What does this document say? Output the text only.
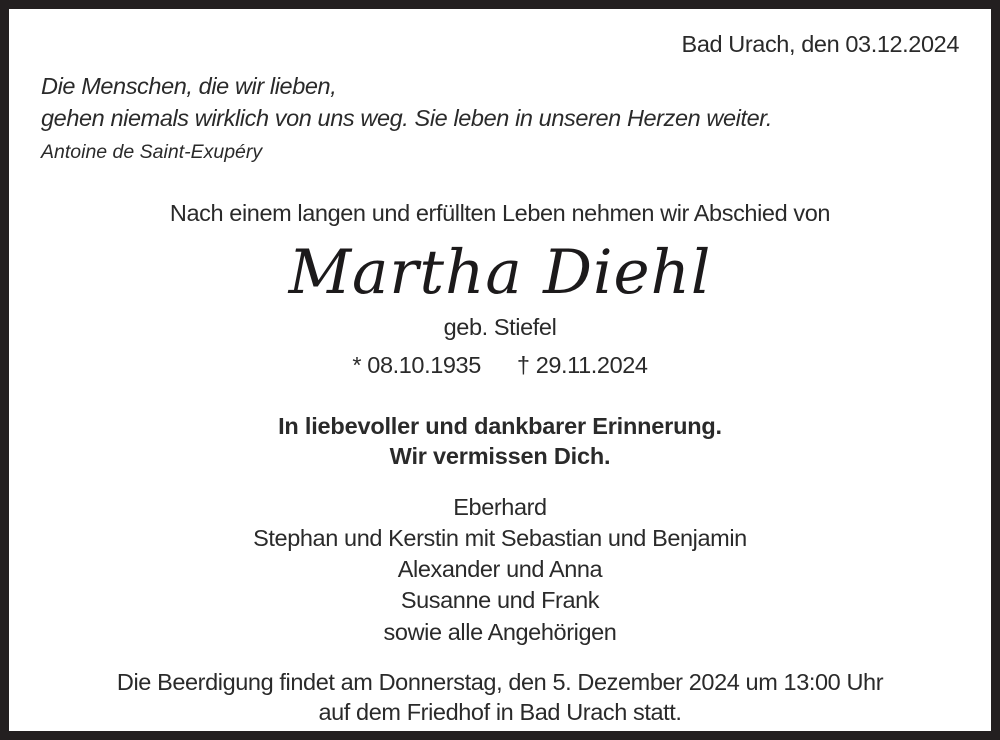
Bad Urach, den 03.12.2024
Die Menschen, die wir lieben,
gehen niemals wirklich von uns weg. Sie leben in unseren Herzen weiter.
Antoine de Saint-Exupéry
Nach einem langen und erfüllten Leben nehmen wir Abschied von
Martha Diehl
geb. Stiefel
* 08.10.1935 † 29.11.2024
In liebevoller und dankbarer Erinnerung.
Wir vermissen Dich.
Eberhard
Stephan und Kerstin mit Sebastian und Benjamin
Alexander und Anna
Susanne und Frank
sowie alle Angehörigen
Die Beerdigung findet am Donnerstag, den 5. Dezember 2024 um 13:00 Uhr
auf dem Friedhof in Bad Urach statt.
